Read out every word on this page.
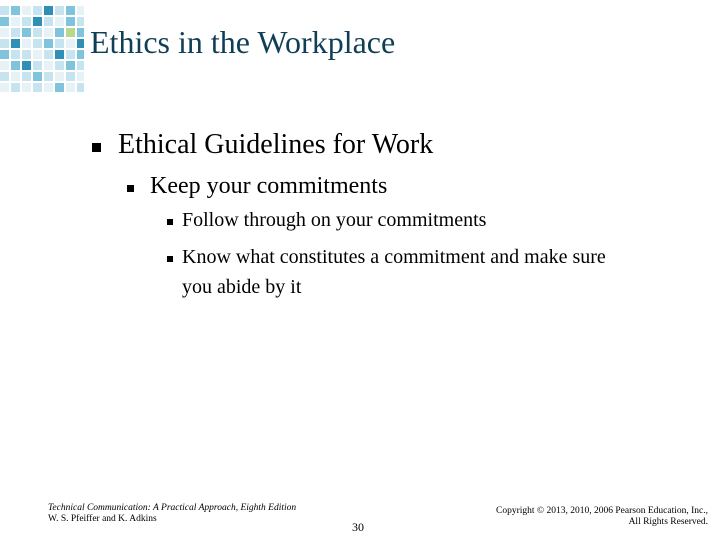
Ethics in the Workplace
Ethical Guidelines for Work
Keep your commitments
Follow through on your commitments
Know what constitutes a commitment and make sure
you abide by it
Technical Communication: A Practical Approach, Eighth Edition
W. S. Pfeiffer and K. Adkins
30
Copyright © 2013, 2010, 2006 Pearson Education, Inc.,
All Rights Reserved.
